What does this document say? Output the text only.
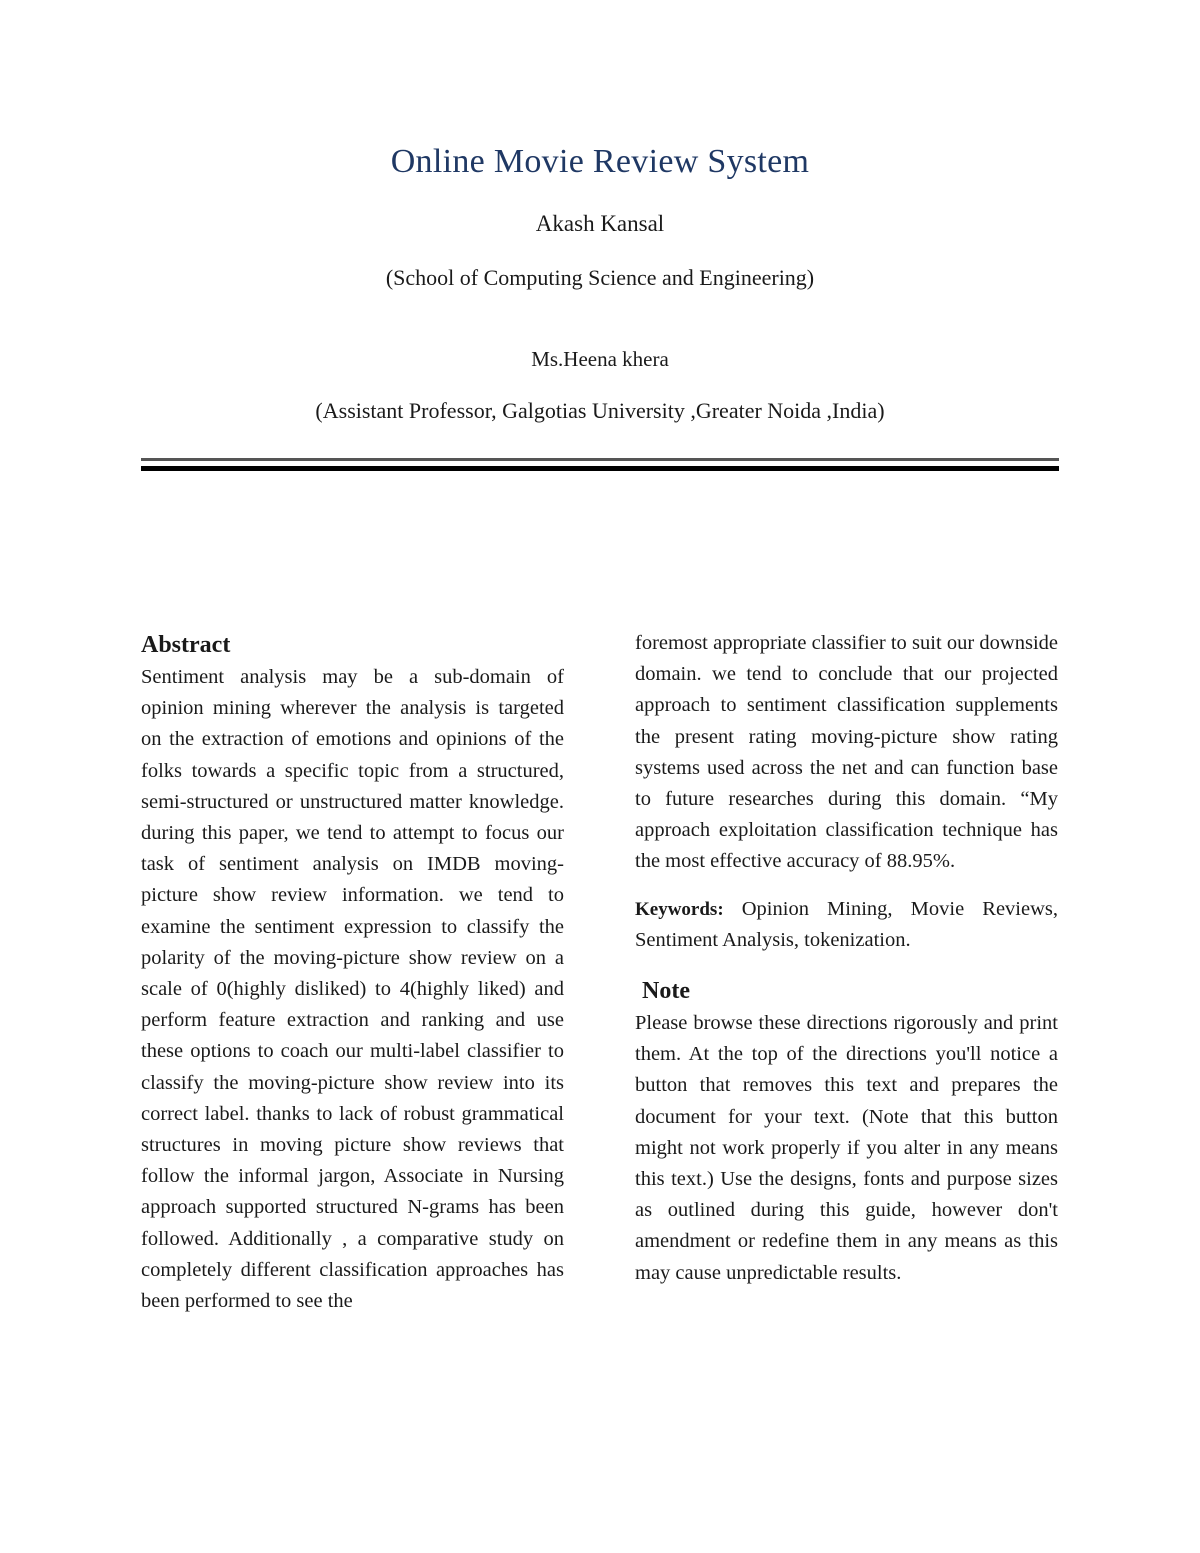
Online Movie Review System

Akash Kansal

(School of Computing Science and Engineering)

Ms.Heena khera

(Assistant Professor, Galgotias University ,Greater Noida ,India)

Abstract

Sentiment analysis may be a sub-domain of opinion mining wherever the analysis is targeted on the extraction of emotions and opinions of the folks towards a specific topic from a structured, semi-structured or unstructured matter knowledge. during this paper, we tend to attempt to focus our task of sentiment analysis on IMDB moving-picture show review information. we tend to examine the sentiment expression to classify the polarity of the moving-picture show review on a scale of 0(highly disliked) to 4(highly liked) and perform feature extraction and ranking and use these options to coach our multi-label classifier to classify the moving-picture show review into its correct label. thanks to lack of robust grammatical structures in moving picture show reviews that follow the informal jargon, Associate in Nursing approach supported structured N-grams has been followed. Additionally , a comparative study on completely different classification approaches has been performed to see the

foremost appropriate classifier to suit our downside domain. we tend to conclude that our projected approach to sentiment classification supplements the present rating moving-picture show rating systems used across the net and can function base to future researches during this domain. “My approach exploitation classification technique has the most effective accuracy of 88.95%.

Keywords: Opinion Mining, Movie Reviews, Sentiment Analysis, tokenization.

Note

Please browse these directions rigorously and print them. At the top of the directions you'll notice a button that removes this text and prepares the document for your text. (Note that this button might not work properly if you alter in any means this text.) Use the designs, fonts and purpose sizes as outlined during this guide, however don't amendment or redefine them in any means as this may cause unpredictable results.
